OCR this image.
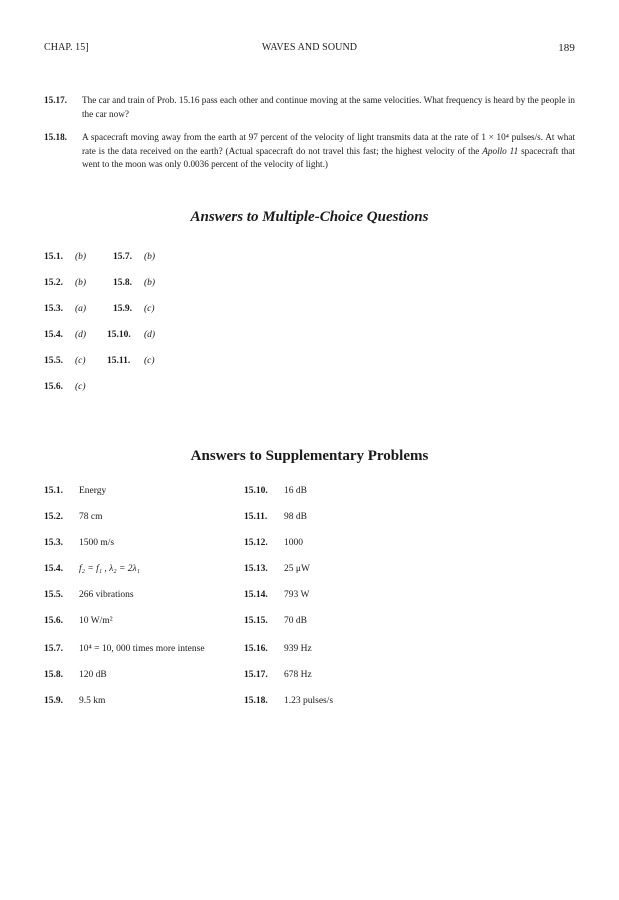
CHAP. 15]	WAVES AND SOUND	189
15.17. The car and train of Prob. 15.16 pass each other and continue moving at the same velocities. What frequency is heard by the people in the car now?
15.18. A spacecraft moving away from the earth at 97 percent of the velocity of light transmits data at the rate of 1 × 10⁴ pulses/s. At what rate is the data received on the earth? (Actual spacecraft do not travel this fast; the highest velocity of the Apollo 11 spacecraft that went to the moon was only 0.0036 percent of the velocity of light.)
Answers to Multiple-Choice Questions
15.1. (b)
15.2. (b)
15.3. (a)
15.4. (d)
15.5. (c)
15.6. (c)
15.7. (b)
15.8. (b)
15.9. (c)
15.10. (d)
15.11. (c)
Answers to Supplementary Problems
15.1. Energy
15.2. 78 cm
15.3. 1500 m/s
15.4. f₂ = f₁ , λ₂ = 2λ₁
15.5. 266 vibrations
15.6. 10 W/m²
15.7. 10⁴ = 10, 000 times more intense
15.8. 120 dB
15.9. 9.5 km
15.10. 16 dB
15.11. 98 dB
15.12. 1000
15.13. 25 μW
15.14. 793 W
15.15. 70 dB
15.16. 939 Hz
15.17. 678 Hz
15.18. 1.23 pulses/s
